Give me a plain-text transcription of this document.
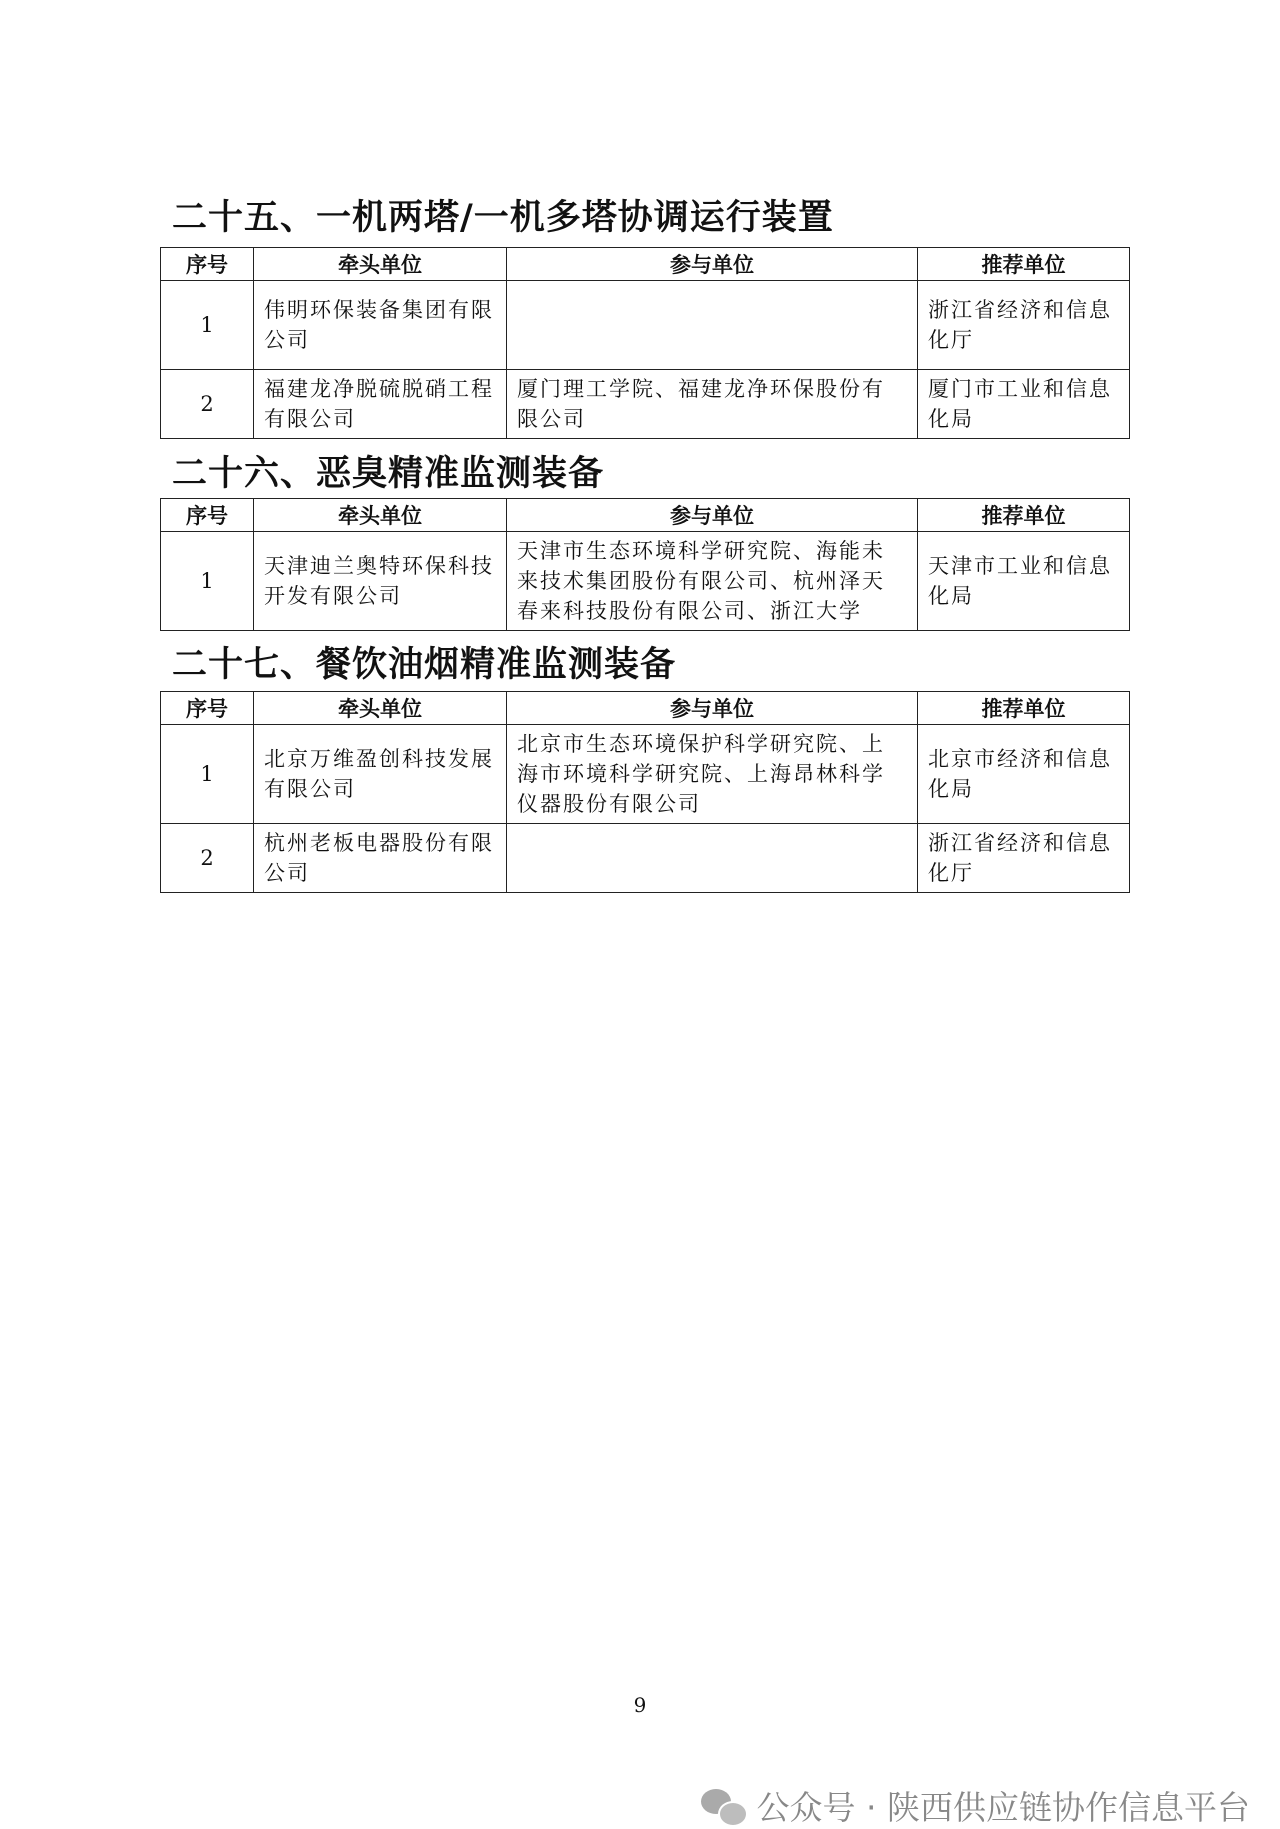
二十五、一机两塔/一机多塔协调运行装置
序号	牵头单位	参与单位	推荐单位
1	伟明环保装备集团有限公司		浙江省经济和信息化厅
2	福建龙净脱硫脱硝工程有限公司	厦门理工学院、福建龙净环保股份有限公司	厦门市工业和信息化局
二十六、恶臭精准监测装备
序号	牵头单位	参与单位	推荐单位
1	天津迪兰奥特环保科技开发有限公司	天津市生态环境科学研究院、海能未来技术集团股份有限公司、杭州泽天春来科技股份有限公司、浙江大学	天津市工业和信息化局
二十七、餐饮油烟精准监测装备
序号	牵头单位	参与单位	推荐单位
1	北京万维盈创科技发展有限公司	北京市生态环境保护科学研究院、上海市环境科学研究院、上海昂林科学仪器股份有限公司	北京市经济和信息化局
2	杭州老板电器股份有限公司		浙江省经济和信息化厅
9
公众号 · 陕西供应链协作信息平台
